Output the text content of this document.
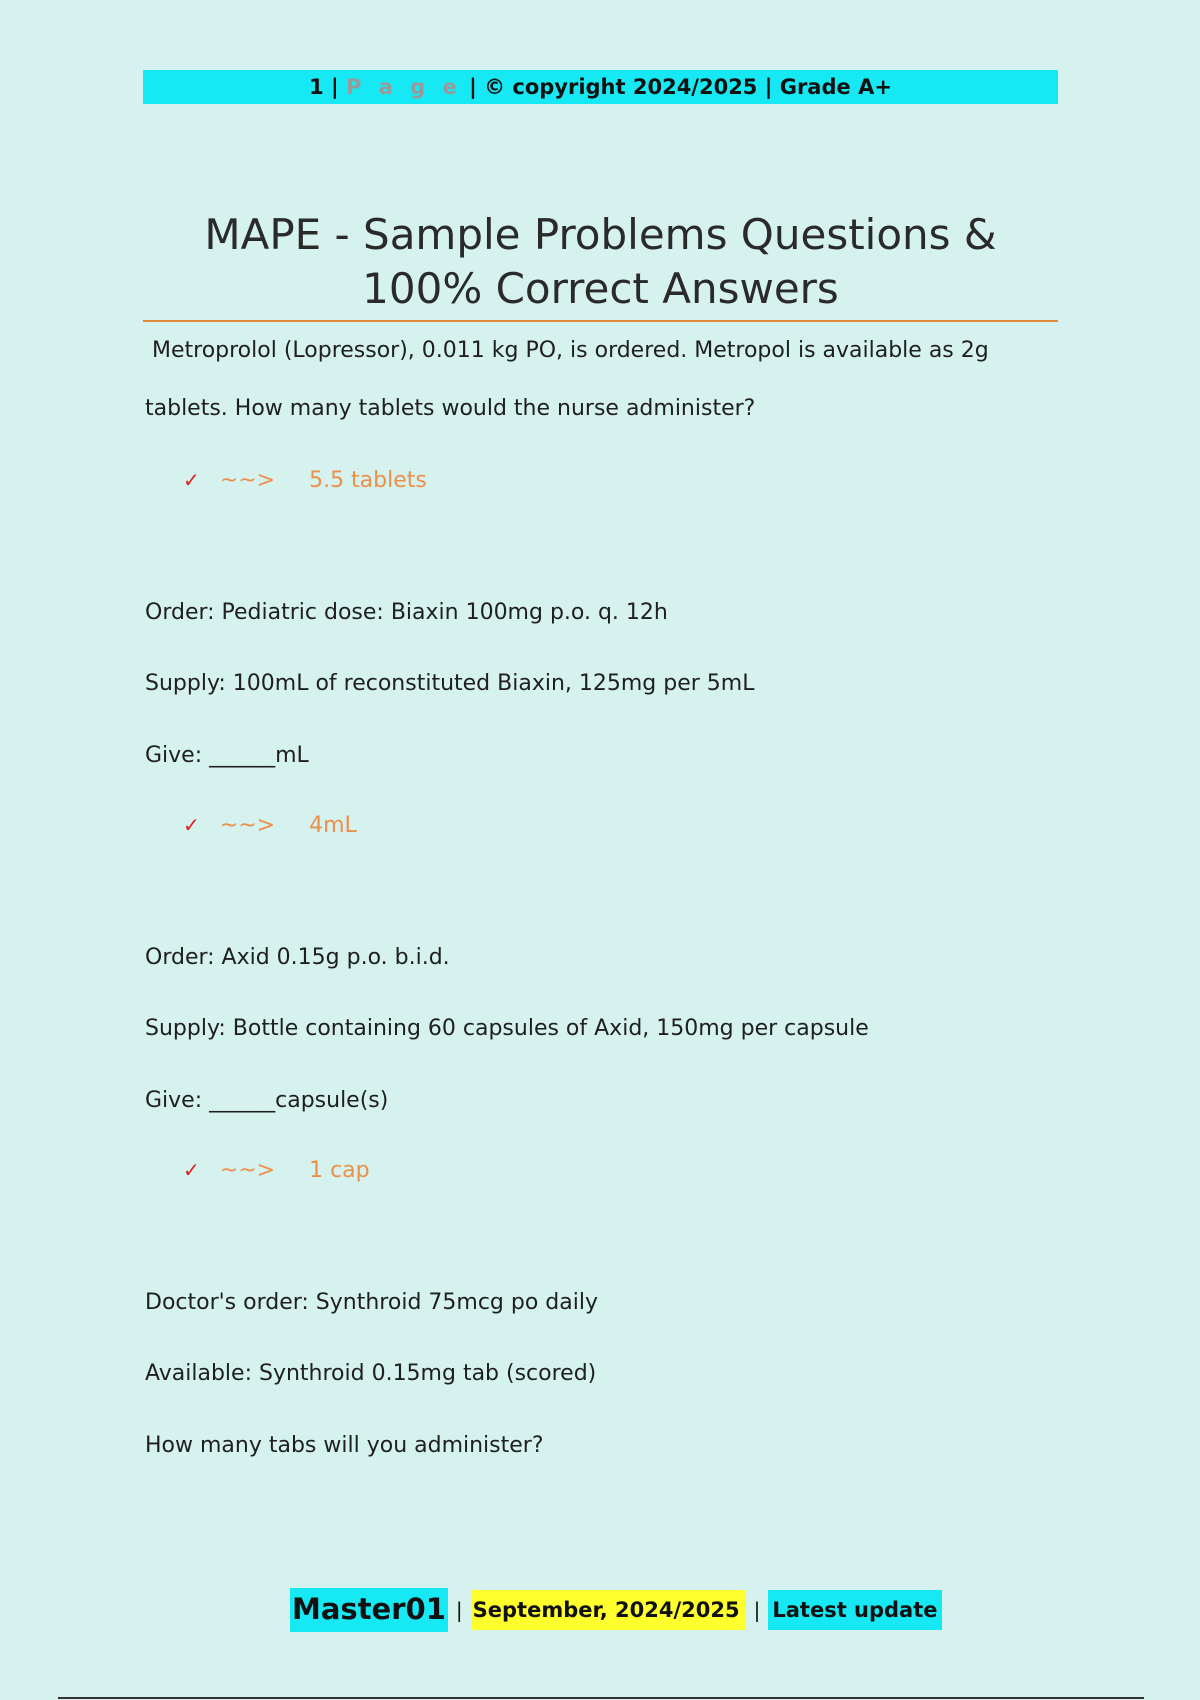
1 | P a g e | © copyright 2024/2025 | Grade A+
MAPE - Sample Problems Questions &
100% Correct Answers
Metroprolol (Lopressor), 0.011 kg PO, is ordered. Metropol is available as 2g
tablets. How many tablets would the nurse administer?
✓ ~~> 5.5 tablets
Order: Pediatric dose: Biaxin 100mg p.o. q. 12h
Supply: 100mL of reconstituted Biaxin, 125mg per 5mL
Give: ______mL
✓ ~~> 4mL
Order: Axid 0.15g p.o. b.i.d.
Supply: Bottle containing 60 capsules of Axid, 150mg per capsule
Give: ______capsule(s)
✓ ~~> 1 cap
Doctor's order: Synthroid 75mcg po daily
Available: Synthroid 0.15mg tab (scored)
How many tabs will you administer?
Master01 | September, 2024/2025 | Latest update
